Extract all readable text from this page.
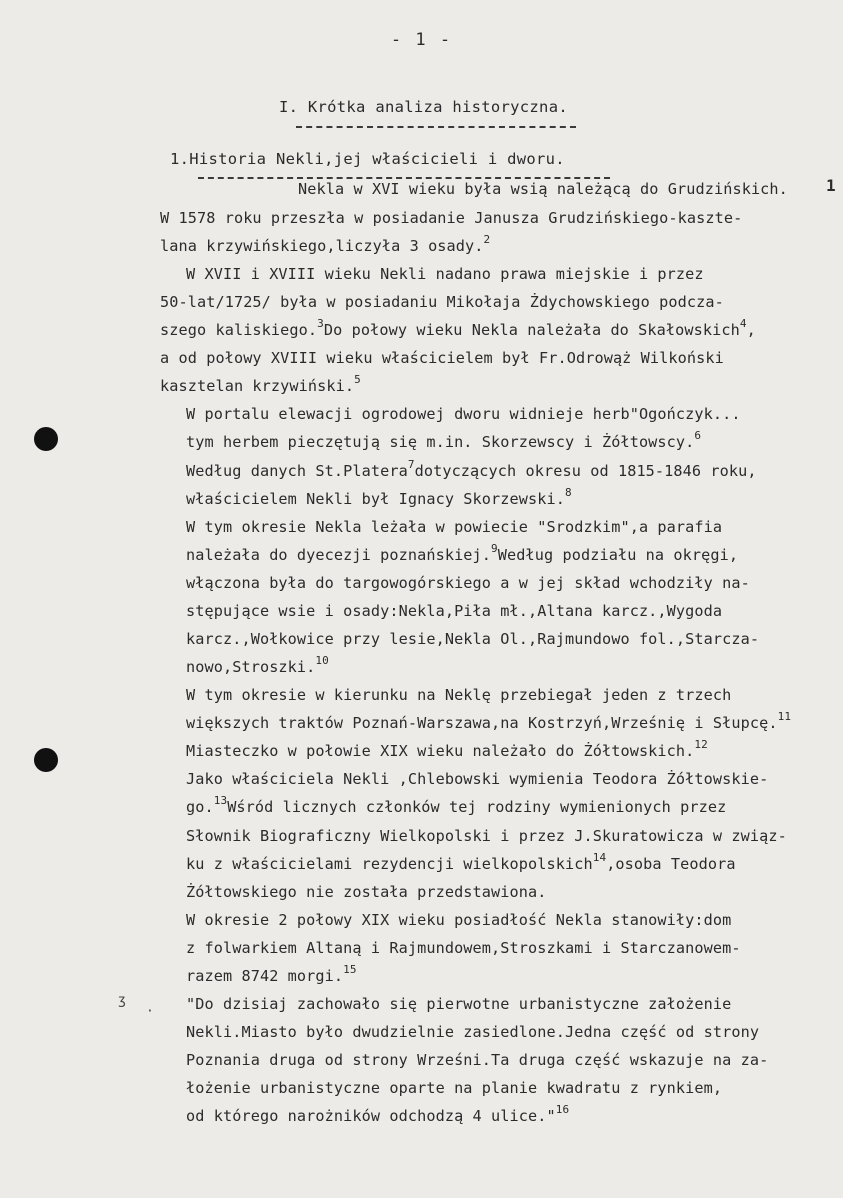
- 1 -
I. Krótka analiza historyczna.
1.Historia Nekli,jej właścicieli i dworu.
1
Nekla w XVI wieku była wsią należącą do Grudzińskich.
W 1578 roku przeszła w posiadanie Janusza Grudzińskiego-kaszte-
lana krzywińskiego,liczyła 3 osady.$^2$
W XVII i XVIII wieku Nekli nadano prawa miejskie i przez
50-lat/1725/ była w posiadaniu Mikołaja Żdychowskiego podcza-
szego kaliskiego.$^3$Do połowy wieku Nekla należała do Skałowskich$^4$,
a od połowy XVIII wieku właścicielem był Fr.Odrowąż Wilkoński
kasztelan krzywiński.$^5$
W portalu elewacji ogrodowej dworu widnieje herb"Ogończyk...
tym herbem pieczętują się m.in. Skorzewscy i Żółtowscy.$^6$
Według danych St.Platera$^7$dotyczących okresu od 1815-1846 roku,
właścicielem Nekli był Ignacy Skorzewski.$^8$
W tym okresie Nekla leżała w powiecie "Srodzkim",a parafia
należała do dyecezji poznańskiej.$^9$Według podziału na okręgi,
włączona była do targowogórskiego a w jej skład wchodziły na-
stępujące wsie i osady:Nekla,Piła mł.,Altana karcz.,Wygoda
karcz.,Wołkowice przy lesie,Nekla Ol.,Rajmundowo fol.,Starcza-
nowo,Stroszki.$^{10}$
W tym okresie w kierunku na Neklę przebiegał jeden z trzech
większych traktów Poznań-Warszawa,na Kostrzyń,Wrześnię i Słupcę.$^{11}$
Miasteczko w połowie XIX wieku należało do Żółtowskich.$^{12}$
Jako właściciela Nekli ,Chlebowski wymienia Teodora Żółtowskie-
go.$^{13}$Wśród licznych członków tej rodziny wymienionych przez
Słownik Biograficzny Wielkopolski i przez J.Skuratowicza w związ-
ku z właścicielami rezydencji wielkopolskich$^{14}$,osoba Teodora
Żółtowskiego nie została przedstawiona.
W okresie 2 połowy XIX wieku posiadłość Nekla stanowiły:dom
z folwarkiem Altaną i Rajmundowem,Stroszkami i Starczanowem-
razem 8742 morgi.$^{15}$
"Do dzisiaj zachowało się pierwotne urbanistyczne założenie
Nekli.Miasto było dwudzielnie zasiedlone.Jedna część od strony
Poznania druga od strony Wrześni.Ta druga część wskazuje na za-
łożenie urbanistyczne oparte na planie kwadratu z rynkiem,
od którego narożników odchodzą 4 ulice."$^{16}$
ʒ
·
